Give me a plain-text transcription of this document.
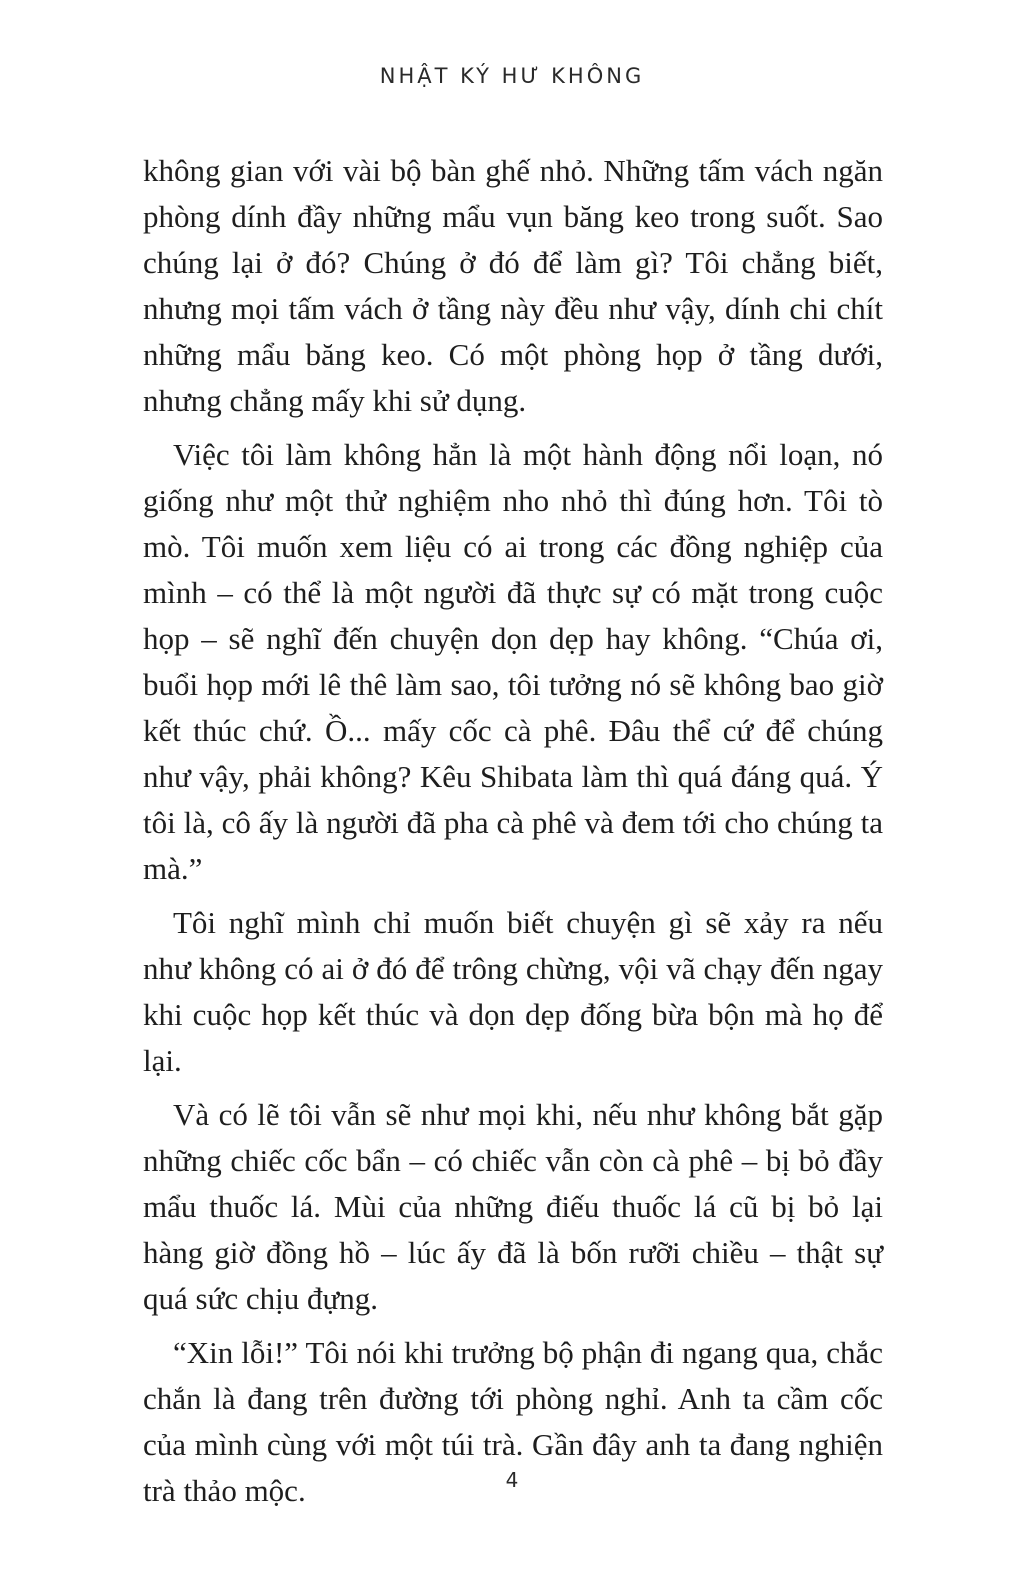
NHẬT KÝ HƯ KHÔNG

không gian với vài bộ bàn ghế nhỏ. Những tấm vách ngăn phòng dính đầy những mẩu vụn băng keo trong suốt. Sao chúng lại ở đó? Chúng ở đó để làm gì? Tôi chẳng biết, nhưng mọi tấm vách ở tầng này đều như vậy, dính chi chít những mẩu băng keo. Có một phòng họp ở tầng dưới, nhưng chẳng mấy khi sử dụng.

Việc tôi làm không hẳn là một hành động nổi loạn, nó giống như một thử nghiệm nho nhỏ thì đúng hơn. Tôi tò mò. Tôi muốn xem liệu có ai trong các đồng nghiệp của mình – có thể là một người đã thực sự có mặt trong cuộc họp – sẽ nghĩ đến chuyện dọn dẹp hay không. “Chúa ơi, buổi họp mới lê thê làm sao, tôi tưởng nó sẽ không bao giờ kết thúc chứ. Ồ... mấy cốc cà phê. Đâu thể cứ để chúng như vậy, phải không? Kêu Shibata làm thì quá đáng quá. Ý tôi là, cô ấy là người đã pha cà phê và đem tới cho chúng ta mà.”

Tôi nghĩ mình chỉ muốn biết chuyện gì sẽ xảy ra nếu như không có ai ở đó để trông chừng, vội vã chạy đến ngay khi cuộc họp kết thúc và dọn dẹp đống bừa bộn mà họ để lại.

Và có lẽ tôi vẫn sẽ như mọi khi, nếu như không bắt gặp những chiếc cốc bẩn – có chiếc vẫn còn cà phê – bị bỏ đầy mẩu thuốc lá. Mùi của những điếu thuốc lá cũ bị bỏ lại hàng giờ đồng hồ – lúc ấy đã là bốn rưỡi chiều – thật sự quá sức chịu đựng.

“Xin lỗi!” Tôi nói khi trưởng bộ phận đi ngang qua, chắc chắn là đang trên đường tới phòng nghỉ. Anh ta cầm cốc của mình cùng với một túi trà. Gần đây anh ta đang nghiện trà thảo mộc.	4
